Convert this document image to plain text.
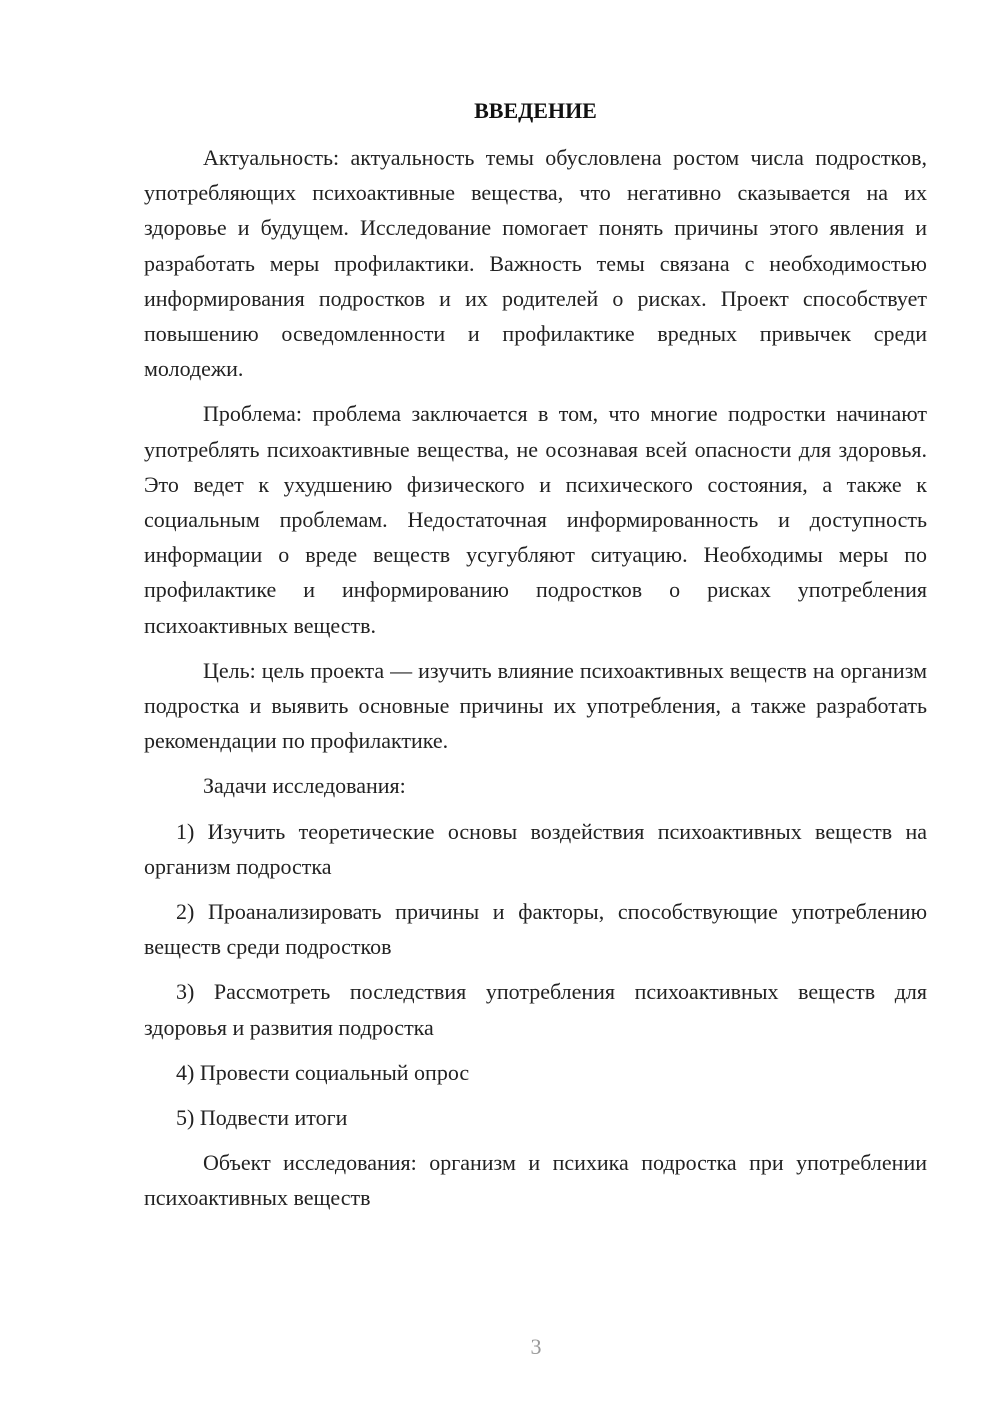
ВВЕДЕНИЕ

Актуальность: актуальность темы обусловлена ростом числа подростков, употребляющих психоактивные вещества, что негативно сказывается на их здоровье и будущем. Исследование помогает понять причины этого явления и разработать меры профилактики. Важность темы связана с необходимостью информирования подростков и их родителей о рисках. Проект способствует повышению осведомленности и профилактике вредных привычек среди молодежи.

Проблема: проблема заключается в том, что многие подростки начинают употреблять психоактивные вещества, не осознавая всей опасности для здоровья. Это ведет к ухудшению физического и психического состояния, а также к социальным проблемам. Недостаточная информированность и доступность информации о вреде веществ усугубляют ситуацию. Необходимы меры по профилактике и информированию подростков о рисках употребления психоактивных веществ.

Цель: цель проекта — изучить влияние психоактивных веществ на организм подростка и выявить основные причины их употребления, а также разработать рекомендации по профилактике.

Задачи исследования:

1) Изучить теоретические основы воздействия психоактивных веществ на организм подростка

2) Проанализировать причины и факторы, способствующие употреблению веществ среди подростков

3) Рассмотреть последствия употребления психоактивных веществ для здоровья и развития подростка

4) Провести социальный опрос

5) Подвести итоги

Объект исследования: организм и психика подростка при употреблении психоактивных веществ

3
